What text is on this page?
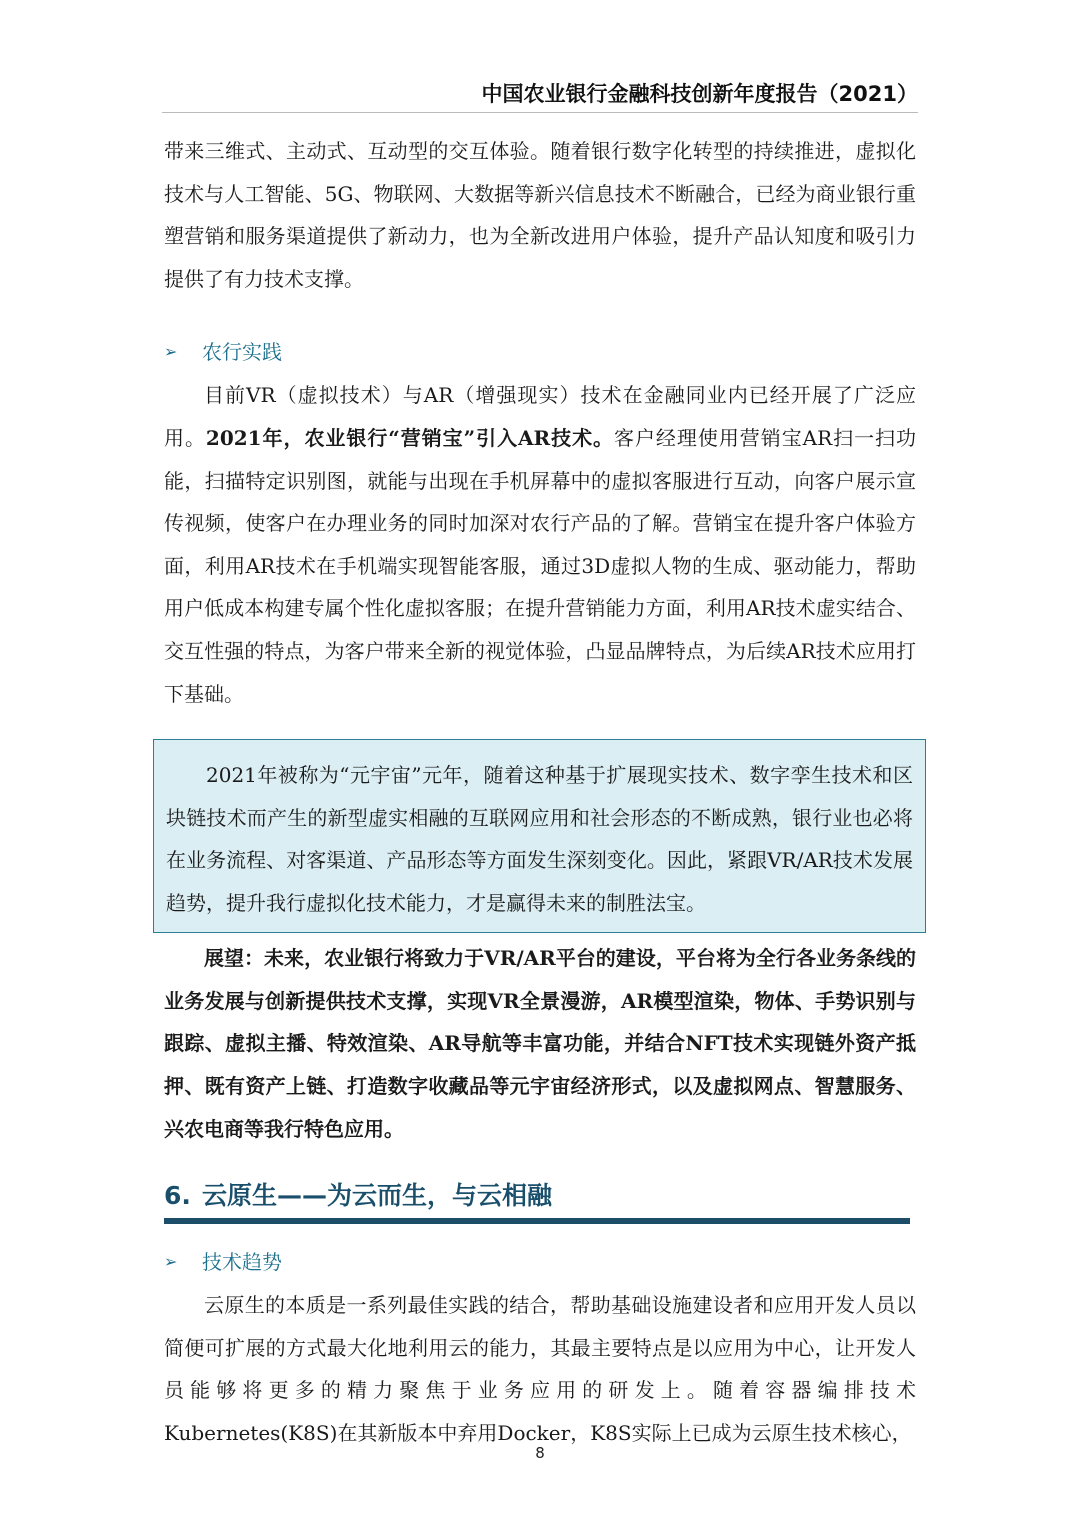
中国农业银行金融科技创新年度报告（2021）

带来三维式、主动式、互动型的交互体验。随着银行数字化转型的持续推进，虚拟化技术与人工智能、5G、物联网、大数据等新兴信息技术不断融合，已经为商业银行重塑营销和服务渠道提供了新动力，也为全新改进用户体验，提升产品认知度和吸引力提供了有力技术支撑。

➢	农行实践

目前VR（虚拟技术）与AR（增强现实）技术在金融同业内已经开展了广泛应用。2021年，农业银行“营销宝”引入AR技术。客户经理使用营销宝AR扫一扫功能，扫描特定识别图，就能与出现在手机屏幕中的虚拟客服进行互动，向客户展示宣传视频，使客户在办理业务的同时加深对农行产品的了解。营销宝在提升客户体验方面，利用AR技术在手机端实现智能客服，通过3D虚拟人物的生成、驱动能力，帮助用户低成本构建专属个性化虚拟客服；在提升营销能力方面，利用AR技术虚实结合、交互性强的特点，为客户带来全新的视觉体验，凸显品牌特点，为后续AR技术应用打下基础。

2021年被称为“元宇宙”元年，随着这种基于扩展现实技术、数字孪生技术和区块链技术而产生的新型虚实相融的互联网应用和社会形态的不断成熟，银行业也必将在业务流程、对客渠道、产品形态等方面发生深刻变化。因此，紧跟VR/AR技术发展趋势，提升我行虚拟化技术能力，才是赢得未来的制胜法宝。

展望：未来，农业银行将致力于VR/AR平台的建设，平台将为全行各业务条线的业务发展与创新提供技术支撑，实现VR全景漫游，AR模型渲染，物体、手势识别与跟踪、虚拟主播、特效渲染、AR导航等丰富功能，并结合NFT技术实现链外资产抵押、既有资产上链、打造数字收藏品等元宇宙经济形式，以及虚拟网点、智慧服务、兴农电商等我行特色应用。

6. 云原生——为云而生，与云相融
➢	技术趋势

云原生的本质是一系列最佳实践的结合，帮助基础设施建设者和应用开发人员以简便可扩展的方式最大化地利用云的能力，其最主要特点是以应用为中心，让开发人员能够将更多的精力聚焦于业务应用的研发上。随着容器编排技术Kubernetes(K8S)在其新版本中弃用Docker，K8S实际上已成为云原生技术核心，

8
